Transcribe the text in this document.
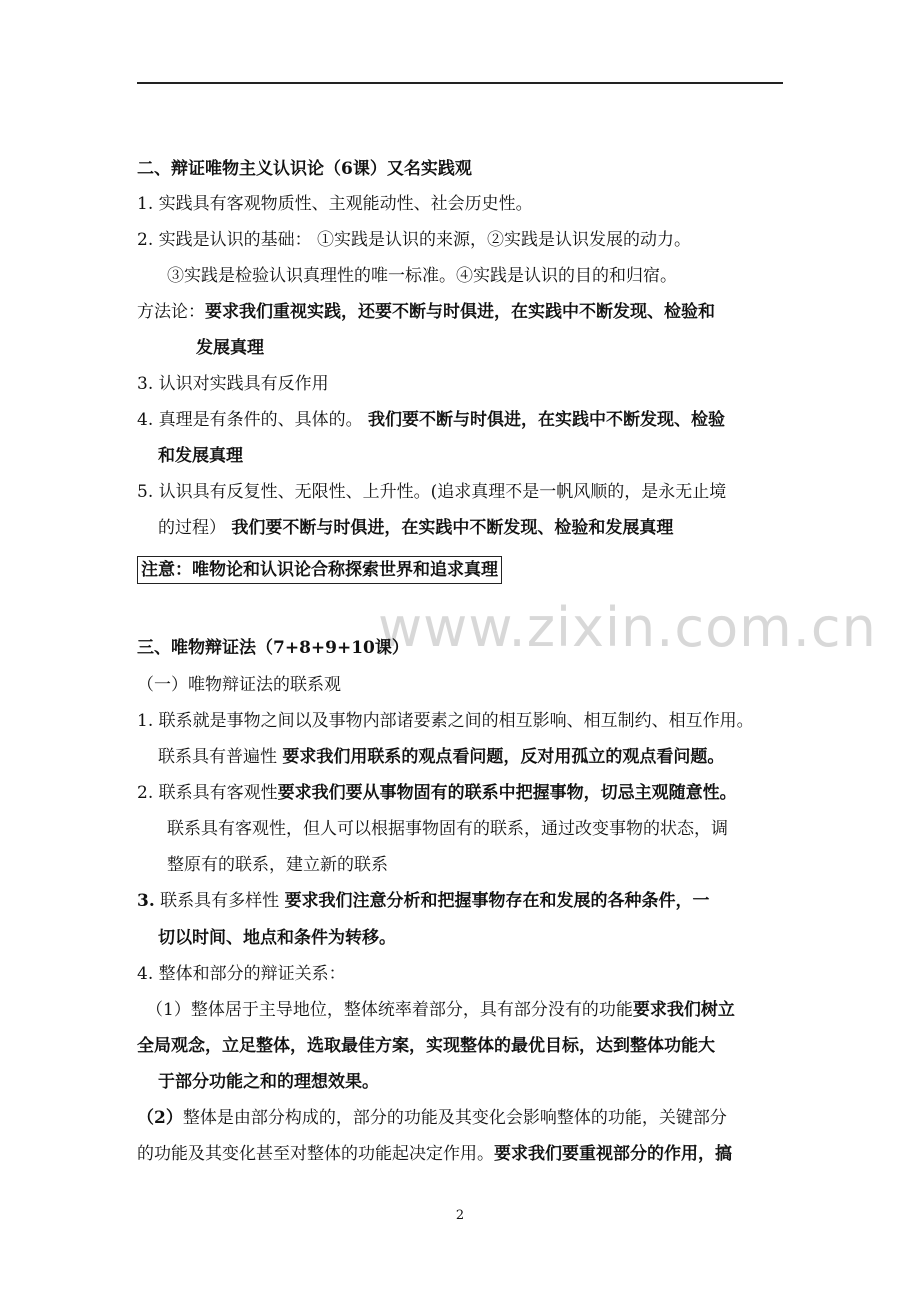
二、辩证唯物主义认识论（6课）又名实践观
1. 实践具有客观物质性、主观能动性、社会历史性。
2. 实践是认识的基础： ①实践是认识的来源，②实践是认识发展的动力。
③实践是检验认识真理性的唯一标准。④实践是认识的目的和归宿。
方法论：要求我们重视实践，还要不断与时俱进，在实践中不断发现、检验和
发展真理
3. 认识对实践具有反作用
4. 真理是有条件的、具体的。 我们要不断与时俱进，在实践中不断发现、检验
和发展真理
5. 认识具有反复性、无限性、上升性。(追求真理不是一帆风顺的，是永无止境
的过程） 我们要不断与时俱进，在实践中不断发现、检验和发展真理
注意：唯物论和认识论合称探索世界和追求真理
www.zixin.com.cn
三、唯物辩证法（7+8+9+10课）
（一）唯物辩证法的联系观
1. 联系就是事物之间以及事物内部诸要素之间的相互影响、相互制约、相互作用。
联系具有普遍性 要求我们用联系的观点看问题，反对用孤立的观点看问题。
2. 联系具有客观性要求我们要从事物固有的联系中把握事物，切忌主观随意性。
联系具有客观性，但人可以根据事物固有的联系，通过改变事物的状态，调
整原有的联系，建立新的联系
3. 联系具有多样性 要求我们注意分析和把握事物存在和发展的各种条件，一
切以时间、地点和条件为转移。
4. 整体和部分的辩证关系：
（1）整体居于主导地位，整体统率着部分，具有部分没有的功能要求我们树立
全局观念，立足整体，选取最佳方案，实现整体的最优目标，达到整体功能大
于部分功能之和的理想效果。
（2）整体是由部分构成的，部分的功能及其变化会影响整体的功能，关键部分
的功能及其变化甚至对整体的功能起决定作用。要求我们要重视部分的作用，搞
2
